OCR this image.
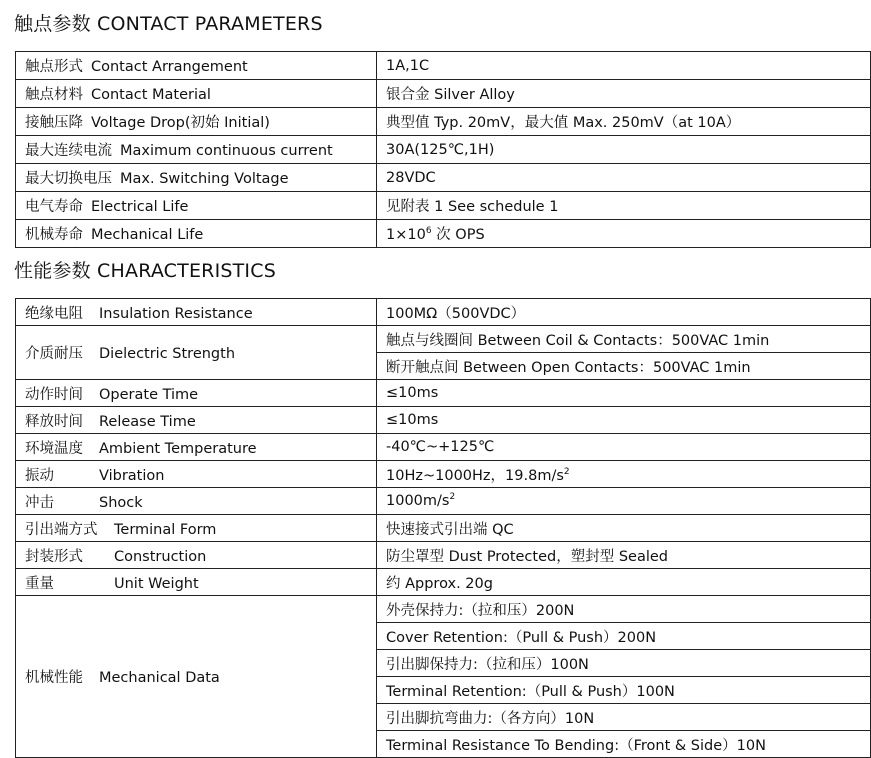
触点参数 CONTACT PARAMETERS
触点形式 Contact Arrangement	1A,1C
触点材料 Contact Material	银合金 Silver Alloy
接触压降 Voltage Drop(初始 Initial)	典型值 Typ. 20mV，最大值 Max. 250mV（at 10A）
最大连续电流 Maximum continuous current	30A(125℃,1H)
最大切换电压 Max. Switching Voltage	28VDC
电气寿命 Electrical Life	见附表 1 See schedule 1
机械寿命 Mechanical Life	$1\times 10^6$ 次 OPS
性能参数 CHARACTERISTICS
绝缘电阻 Insulation Resistance	100MΩ（500VDC）
介质耐压 Dielectric Strength	触点与线圈间 Between Coil & Contacts：500VAC 1min
	断开触点间 Between Open Contacts：500VAC 1min
动作时间 Operate Time	≤10ms
释放时间 Release Time	≤10ms
环境温度 Ambient Temperature	-40℃~+125℃
振动 Vibration	10Hz~1000Hz，$19.8m/s^2$
冲击 Shock	$1000m/s^2$
引出端方式 Terminal Form	快速接式引出端 QC
封装形式 Construction	防尘罩型 Dust Protected，塑封型 Sealed
重量 Unit Weight	约 Approx. 20g
机械性能 Mechanical Data	外壳保持力:（拉和压）200N
	Cover Retention:（Pull & Push）200N
	引出脚保持力:（拉和压）100N
	Terminal Retention:（Pull & Push）100N
	引出脚抗弯曲力:（各方向）10N
	Terminal Resistance To Bending:（Front & Side）10N
